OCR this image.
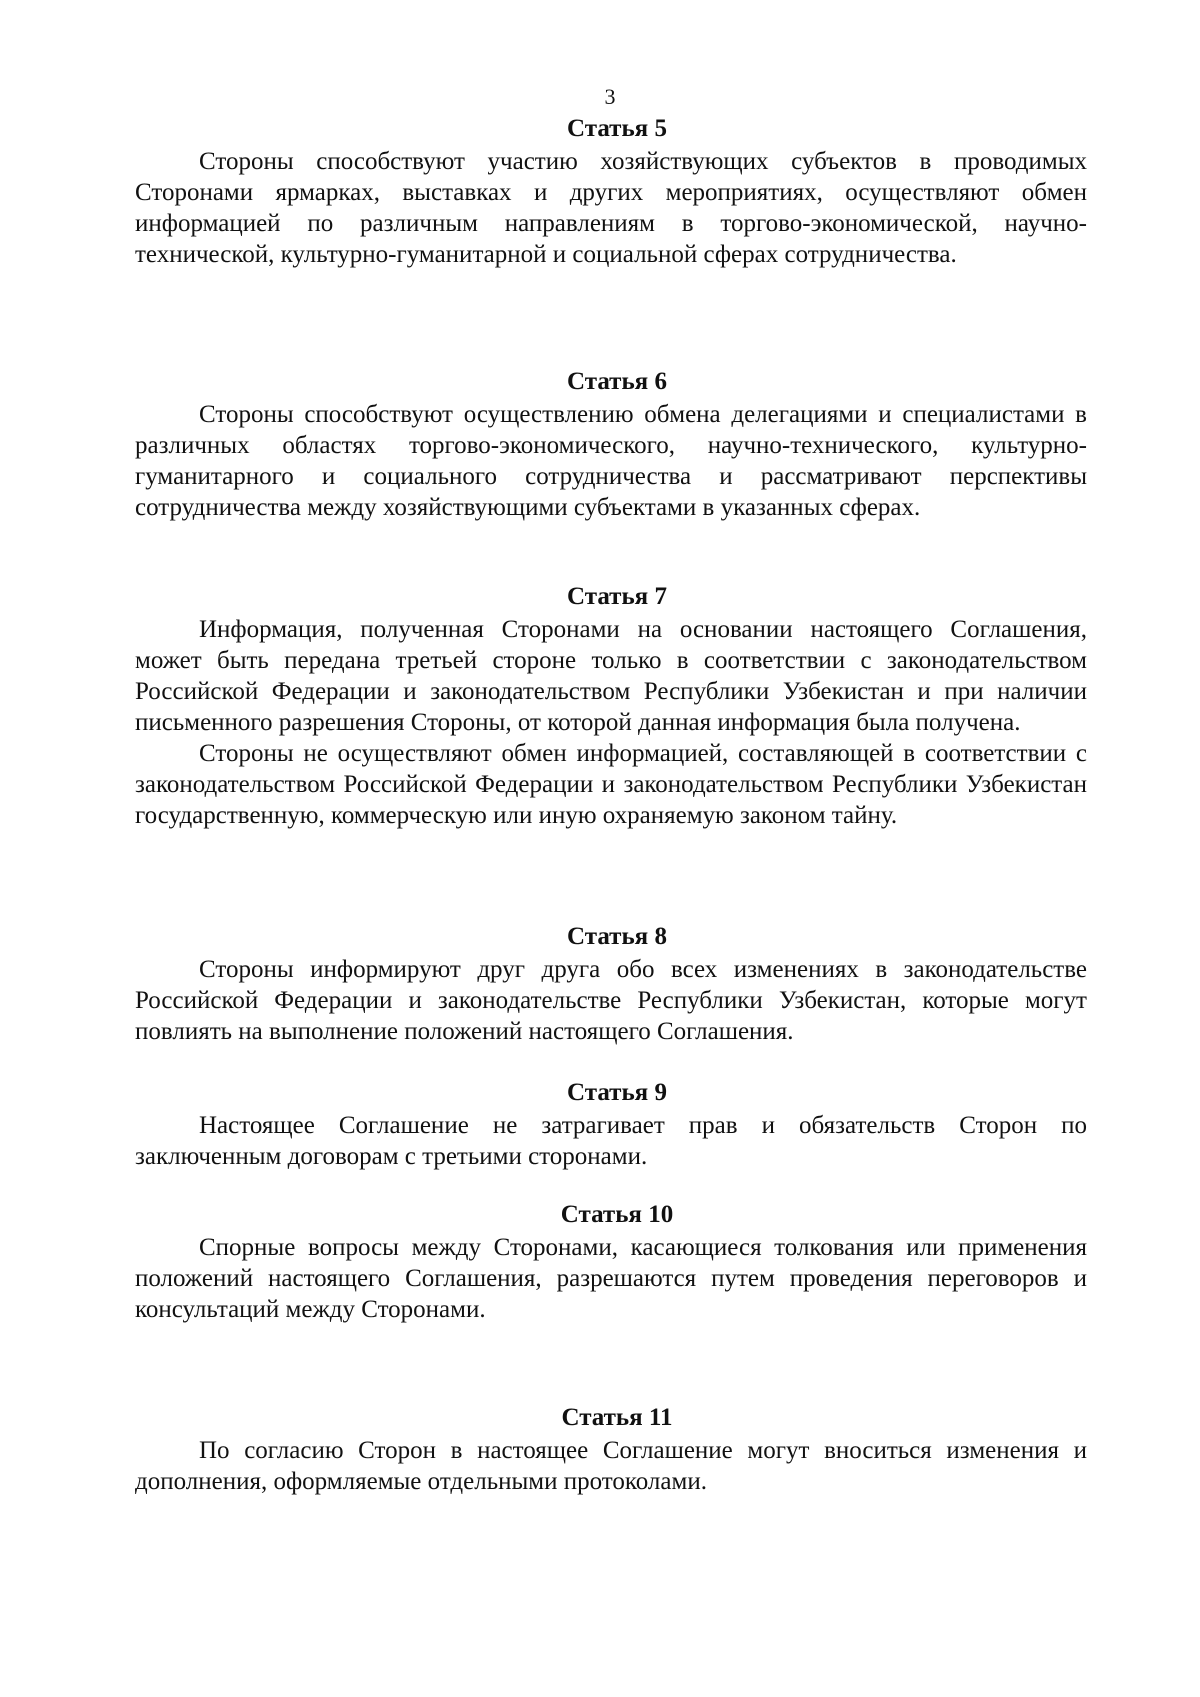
3
Статья 5

Стороны способствуют участию хозяйствующих субъектов в проводимых Сторонами ярмарках, выставках и других мероприятиях, осуществляют обмен информацией по различным направлениям в торгово-экономической, научно-технической, культурно-гуманитарной и социальной сферах сотрудничества.

Статья 6

Стороны способствуют осуществлению обмена делегациями и специалистами в различных областях торгово-экономического, научно-технического, культурно-гуманитарного и социального сотрудничества и рассматривают перспективы сотрудничества между хозяйствующими субъектами в указанных сферах.

Статья 7

Информация, полученная Сторонами на основании настоящего Соглашения, может быть передана третьей стороне только в соответствии с законодательством Российской Федерации и законодательством Республики Узбекистан и при наличии письменного разрешения Стороны, от которой данная информация была получена.

Стороны не осуществляют обмен информацией, составляющей в соответствии с законодательством Российской Федерации и законодательством Республики Узбекистан государственную, коммерческую или иную охраняемую законом тайну.

Статья 8

Стороны информируют друг друга обо всех изменениях в законодательстве Российской Федерации и законодательстве Республики Узбекистан, которые могут повлиять на выполнение положений настоящего Соглашения.

Статья 9

Настоящее Соглашение не затрагивает прав и обязательств Сторон по заключенным договорам с третьими сторонами.

Статья 10

Спорные вопросы между Сторонами, касающиеся толкования или применения положений настоящего Соглашения, разрешаются путем проведения переговоров и консультаций между Сторонами.

Статья 11

По согласию Сторон в настоящее Соглашение могут вноситься изменения и дополнения, оформляемые отдельными протоколами.
